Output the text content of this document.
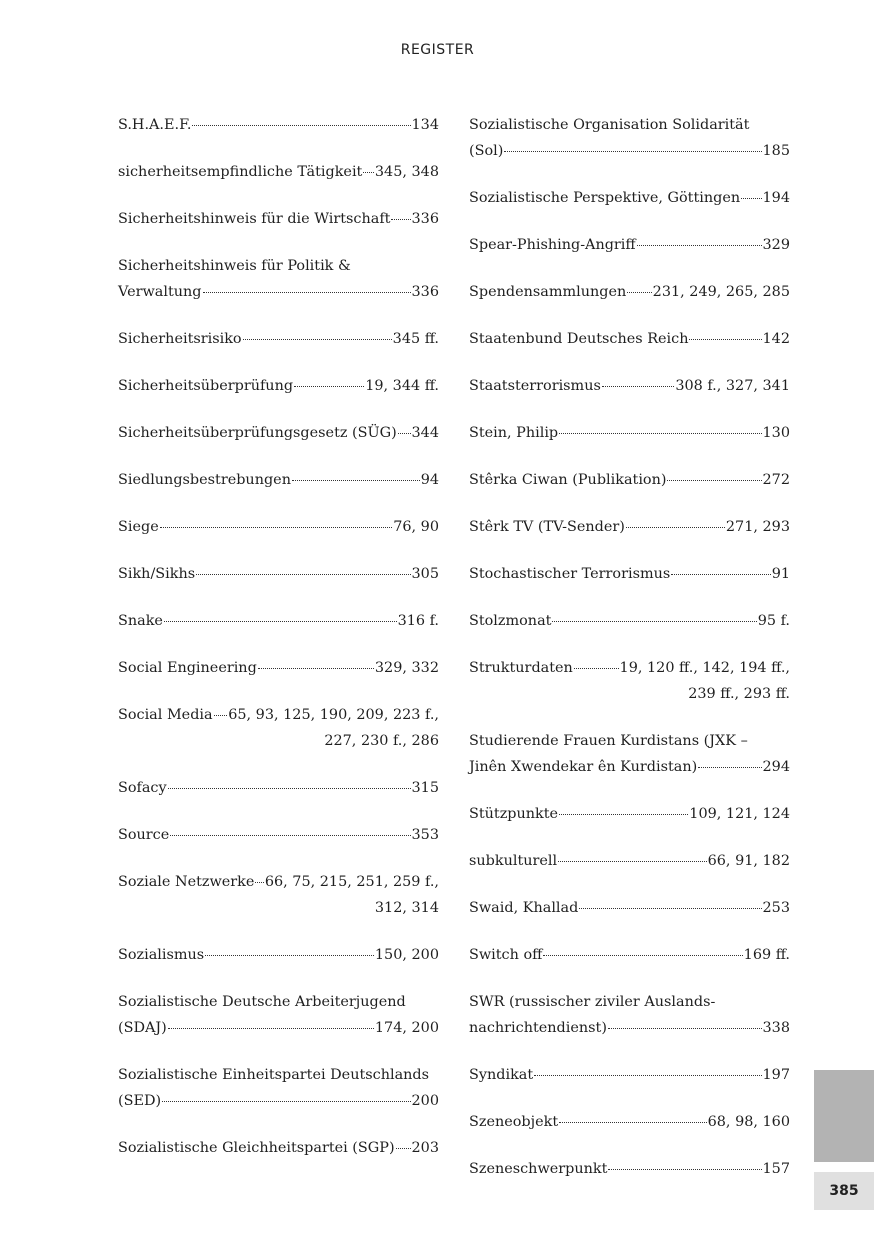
REGISTER
S.H.A.E.F.	134
sicherheitsempfindliche Tätigkeit 345, 348
Sicherheitshinweis für die Wirtschaft 336
Sicherheitshinweis für Politik &
Verwaltung	336
Sicherheitsrisiko	345 ff.
Sicherheitsüberprüfung	19, 344 ff.
Sicherheitsüberprüfungsgesetz (SÜG) 344
Siedlungsbestrebungen	94
Siege	76, 90
Sikh/Sikhs	305
Snake	316 f.
Social Engineering	329, 332
Social Media 65, 93, 125, 190, 209, 223 f.,
227, 230 f., 286
Sofacy	315
Source	353
Soziale Netzwerke 66, 75, 215, 251, 259 f.,
312, 314
Sozialismus	150, 200
Sozialistische Deutsche Arbeiterjugend
(SDAJ)	174, 200
Sozialistische Einheitspartei Deutschlands
(SED)	200
Sozialistische Gleichheitspartei (SGP) 203
Sozialistische Organisation Solidarität
(Sol)	185
Sozialistische Perspektive, Göttingen 194
Spear-Phishing-Angriff	329
Spendensammlungen 231, 249, 265, 285
Staatenbund Deutsches Reich	142
Staatsterrorismus	308 f., 327, 341
Stein, Philip	130
Stêrka Ciwan (Publikation)	272
Stêrk TV (TV-Sender)	271, 293
Stochastischer Terrorismus	91
Stolzmonat	95 f.
Strukturdaten	19, 120 ff., 142, 194 ff.,
239 ff., 293 ff.
Studierende Frauen Kurdistans (JXK –
Jinên Xwendekar ên Kurdistan)	294
Stützpunkte	109, 121, 124
subkulturell	66, 91, 182
Swaid, Khallad	253
Switch off	169 ff.
SWR (russischer ziviler Auslands-
nachrichtendienst)	338
Syndikat	197
Szeneobjekt	68, 98, 160
Szeneschwerpunkt	157
385
